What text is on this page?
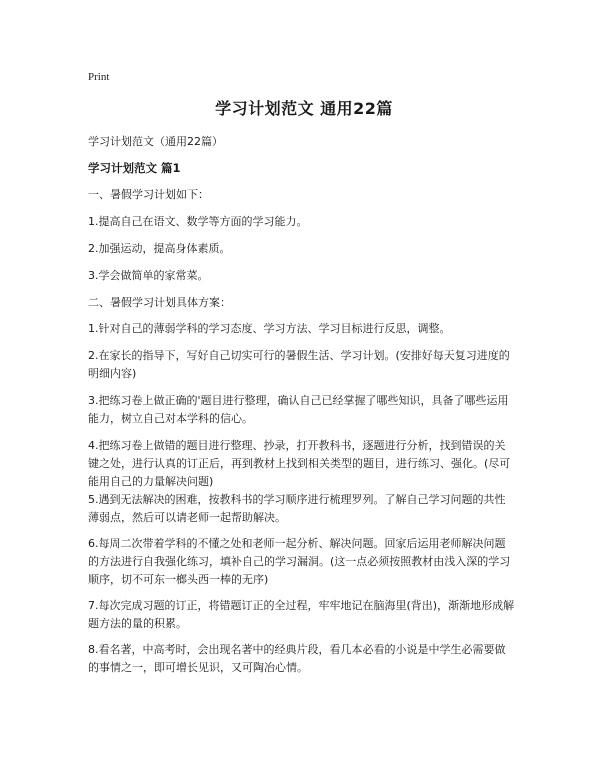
Print
学习计划范文 通用22篇

学习计划范文（通用22篇）

学习计划范文 篇1

一、暑假学习计划如下：

1.提高自己在语文、数学等方面的学习能力。

2.加强运动，提高身体素质。

3.学会做简单的家常菜。

二、暑假学习计划具体方案：

1.针对自己的薄弱学科的学习态度、学习方法、学习目标进行反思，调整。

2.在家长的指导下，写好自己切实可行的暑假生活、学习计划。(安排好每天复习进度的明细内容)

3.把练习卷上做正确的'题目进行整理，确认自己已经掌握了哪些知识，具备了哪些运用能力，树立自己对本学科的信心。

4.把练习卷上做错的题目进行整理、抄录，打开教科书，逐题进行分析，找到错误的关键之处，进行认真的订正后，再到教材上找到相关类型的题目，进行练习、强化。(尽可能用自己的力量解决问题)

5.遇到无法解决的困难，按教科书的学习顺序进行梳理罗列。了解自己学习问题的共性薄弱点，然后可以请老师一起帮助解决。

6.每周二次带着学科的不懂之处和老师一起分析、解决问题。回家后运用老师解决问题的方法进行自我强化练习，填补自己的学习漏洞。(这一点必须按照教材由浅入深的学习顺序，切不可东一榔头西一棒的无序)

7.每次完成习题的订正，将错题订正的全过程，牢牢地记在脑海里(背出)，渐渐地形成解题方法的量的积累。

8.看名著，中高考时，会出现名著中的经典片段，看几本必看的小说是中学生必需要做的事情之一，即可增长见识，又可陶冶心情。
